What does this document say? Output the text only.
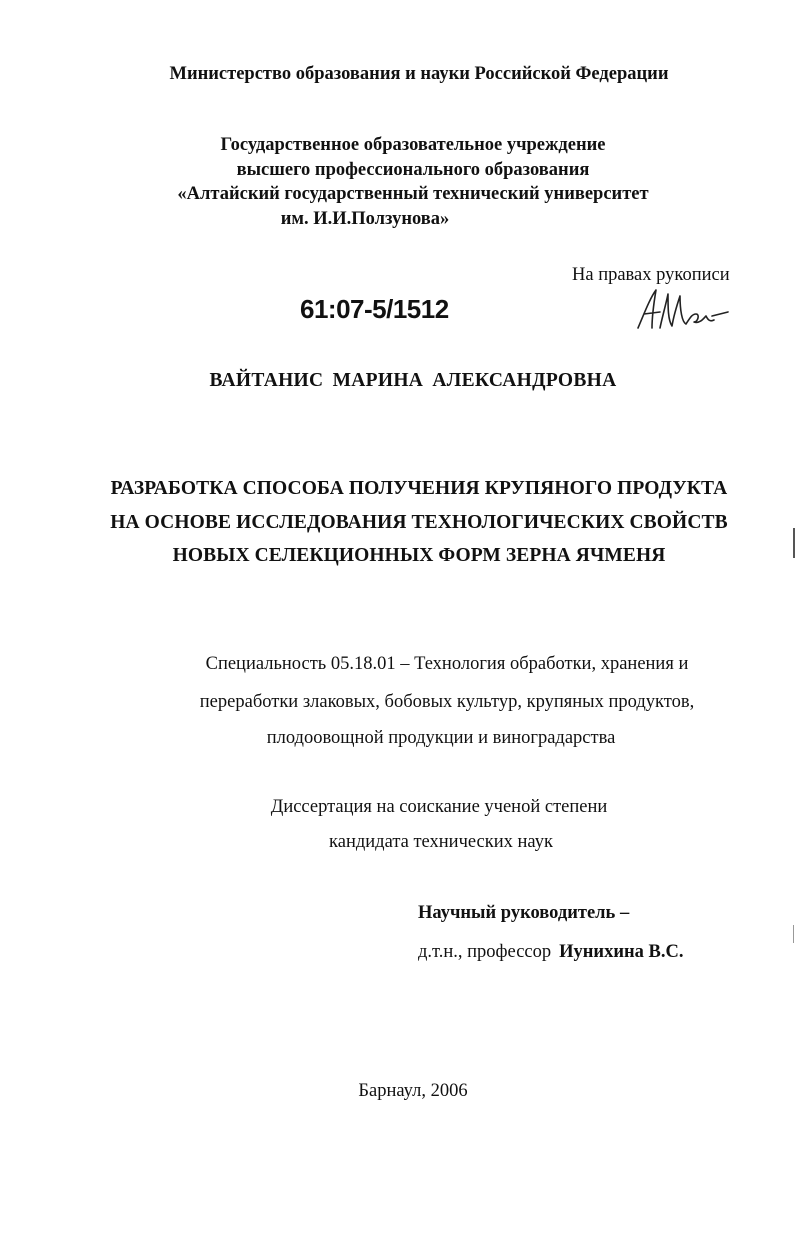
Министерство образования и науки Российской Федерации
Государственное образовательное учреждение
высшего профессионального образования
«Алтайский государственный технический университет
им. И.И.Ползунова»
На правах рукописи
61:07-5/1512
ВАЙТАНИС МАРИНА АЛЕКСАНДРОВНА
РАЗРАБОТКА СПОСОБА ПОЛУЧЕНИЯ КРУПЯНОГО ПРОДУКТА
НА ОСНОВЕ ИССЛЕДОВАНИЯ ТЕХНОЛОГИЧЕСКИХ СВОЙСТВ
НОВЫХ СЕЛЕКЦИОННЫХ ФОРМ ЗЕРНА ЯЧМЕНЯ
Специальность 05.18.01 – Технология обработки, хранения и
переработки злаковых, бобовых культур, крупяных продуктов,
плодоовощной продукции и виноградарства
Диссертация на соискание ученой степени
кандидата технических наук
Научный руководитель –
д.т.н., профессор Иунихина В.С.
Барнаул, 2006
